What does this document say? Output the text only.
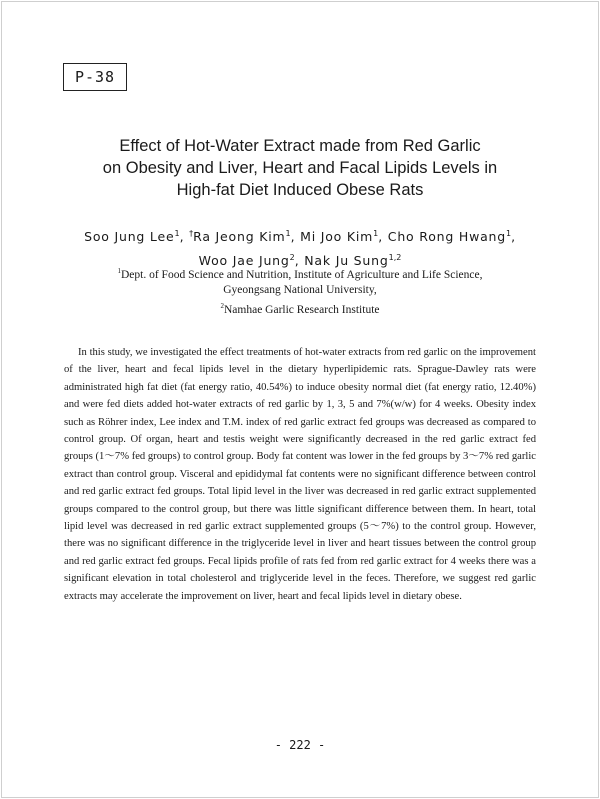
P-38
Effect of Hot-Water Extract made from Red Garlic
on Obesity and Liver, Heart and Facal Lipids Levels in
High-fat Diet Induced Obese Rats
Soo Jung Lee$^1$, †Ra Jeong Kim$^1$, Mi Joo Kim$^1$, Cho Rong Hwang$^1$,
Woo Jae Jung$^2$, Nak Ju Sung$^{1,2}$
$^1$Dept. of Food Science and Nutrition, Institute of Agriculture and Life Science,
Gyeongsang National University,
$^2$Namhae Garlic Research Institute

In this study, we investigated the effect treatments of hot-water extracts from red garlic on the improvement of the liver, heart and fecal lipids level in the dietary hyperlipidemic rats. Sprague-Dawley rats were administrated high fat diet (fat energy ratio, 40.54%) to induce obesity normal diet (fat energy ratio, 12.40%) and were fed diets added hot-water extracts of red garlic by 1, 3, 5 and 7%(w/w) for 4 weeks. Obesity index such as Röhrer index, Lee index and T.M. index of red garlic extract fed groups was decreased as compared to control group. Of organ, heart and testis weight were significantly decreased in the red garlic extract fed groups (1～7% fed groups) to control group. Body fat content was lower in the fed groups by 3～7% red garlic extract than control group. Visceral and epididymal fat contents were no significant difference between control and red garlic extract fed groups. Total lipid level in the liver was decreased in red garlic extract supplemented groups compared to the control group, but there was little significant difference between them. In heart, total lipid level was decreased in red garlic extract supplemented groups (5～7%) to the control group. However, there was no significant difference in the triglyceride level in liver and heart tissues between the control group and red garlic extract fed groups. Fecal lipids profile of rats fed from red garlic extract for 4 weeks there was a significant elevation in total cholesterol and triglyceride level in the feces. Therefore, we suggest red garlic extracts may accelerate the improvement on liver, heart and fecal lipids level in dietary obese.

- 222 -
